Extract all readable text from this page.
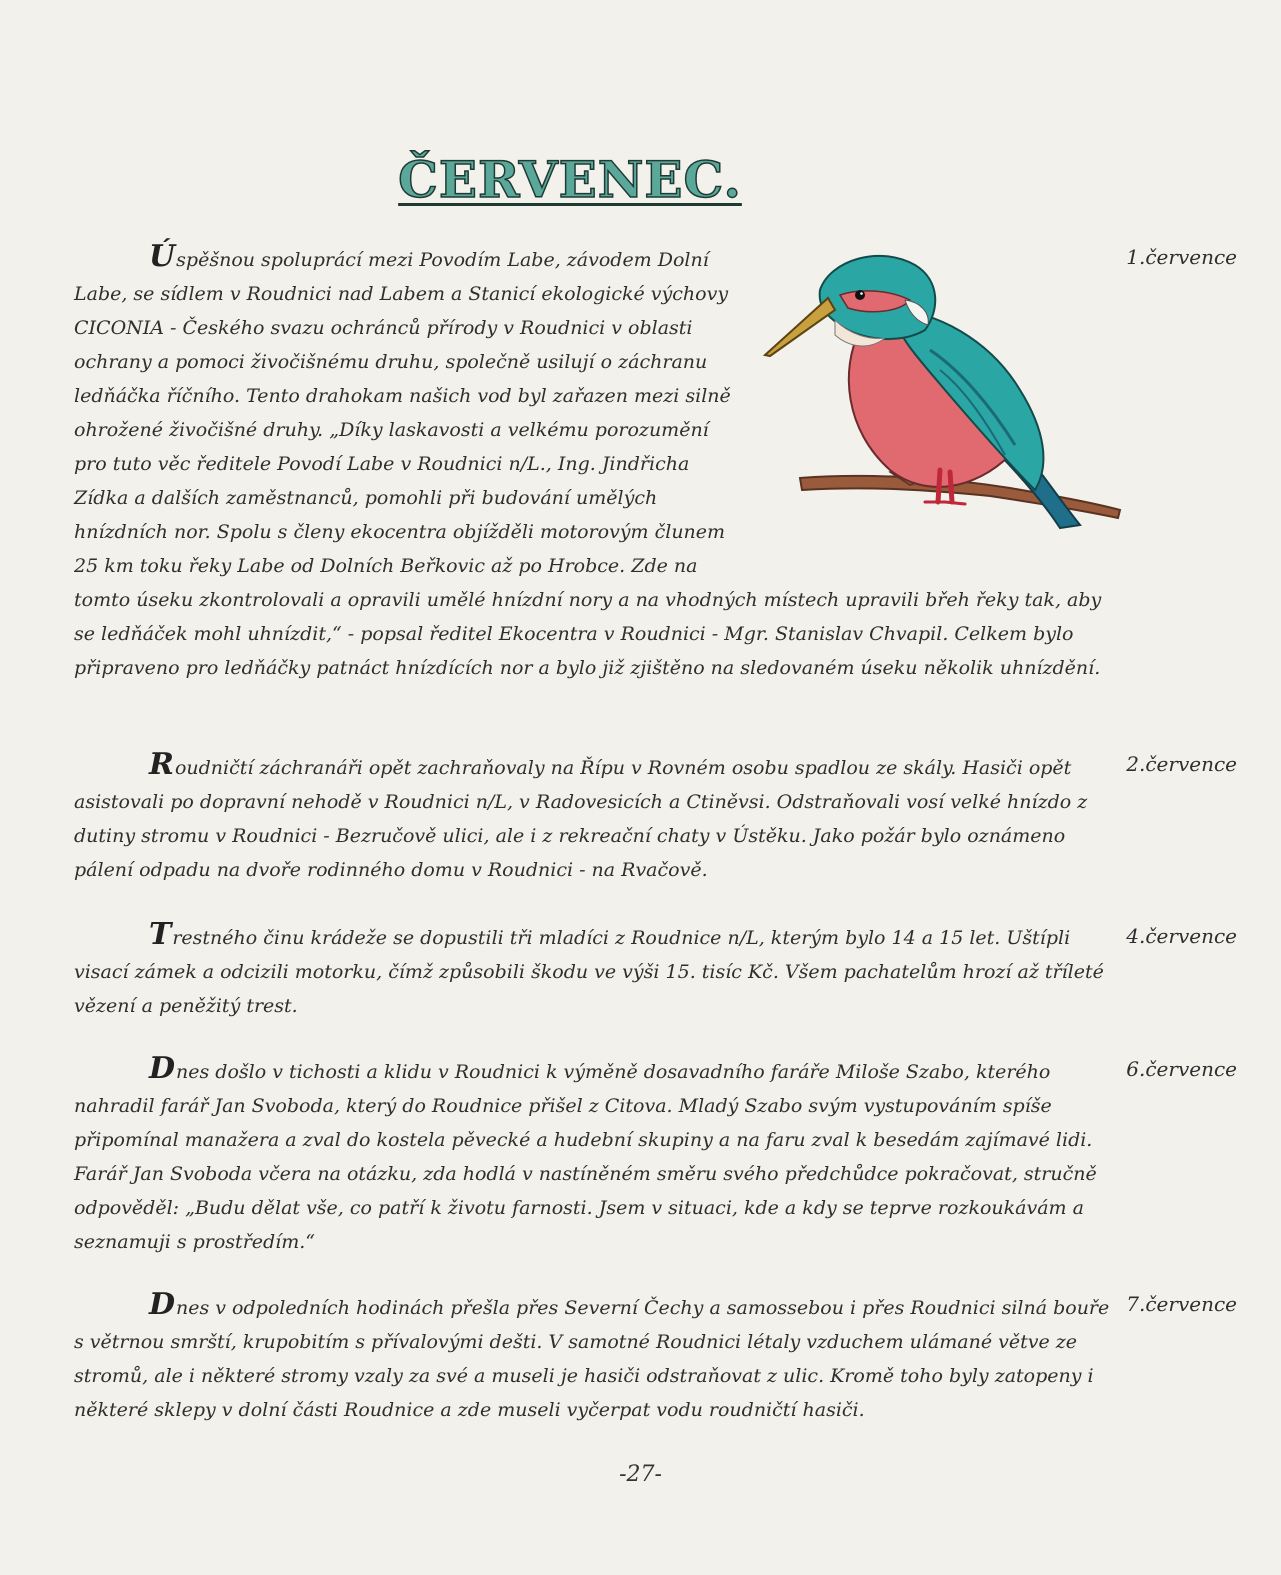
ČERVENEC.
Úspěšnou spoluprácí mezi Povodím Labe, závodem Dolní Labe, se sídlem v Roudnici nad Labem a Stanicí ekologické výchovy CICONIA - Českého svazu ochránců přírody v Roudnici v oblasti ochrany a pomoci živočišnému druhu, společně usilují o záchranu ledňáčka říčního. Tento drahokam našich vod byl zařazen mezi silně ohrožené živočišné druhy. „Díky laskavosti a velkému porozumění pro tuto věc ředitele Povodí Labe v Roudnici n/L., Ing. Jindřicha Zídka a dalších zaměstnanců, pomohli při budování umělých hnízdních nor. Spolu s členy ekocentra objížděli motorovým člunem 25 km toku řeky Labe od Dolních Beřkovic až po Hrobce. Zde na tomto úseku zkontrolovali a opravili umělé hnízdní nory a na vhodných místech upravili břeh řeky tak, aby se ledňáček mohl uhnízdit,“ - popsal ředitel Ekocentra v Roudnici - Mgr. Stanislav Chvapil. Celkem bylo připraveno pro ledňáčky patnáct hnízdících nor a bylo již zjištěno na sledovaném úseku několik uhnízdění.
1.července
Roudničtí záchranáři opět zachraňovaly na Řípu v Rovném osobu spadlou ze skály. Hasiči opět asistovali po dopravní nehodě v Roudnici n/L, v Radovesicích a Ctiněvsi. Odstraňovali vosí velké hnízdo z dutiny stromu v Roudnici - Bezručově ulici, ale i z rekreační chaty v Ústěku. Jako požár bylo oznámeno pálení odpadu na dvoře rodinného domu v Roudnici - na Rvačově.
2.července
Trestného činu krádeže se dopustili tři mladíci z Roudnice n/L, kterým bylo 14 a 15 let. Uštípli visací zámek a odcizili motorku, čímž způsobili škodu ve výši 15. tisíc Kč. Všem pachatelům hrozí až tříleté vězení a peněžitý trest.
4.července
Dnes došlo v tichosti a klidu v Roudnici k výměně dosavadního faráře Miloše Szabo, kterého nahradil farář Jan Svoboda, který do Roudnice přišel z Citova. Mladý Szabo svým vystupováním spíše připomínal manažera a zval do kostela pěvecké a hudební skupiny a na faru zval k besedám zajímavé lidi. Farář Jan Svoboda včera na otázku, zda hodlá v nastíněném směru svého předchůdce pokračovat, stručně odpověděl: „Budu dělat vše, co patří k životu farnosti. Jsem v situaci, kde a kdy se teprve rozkoukávám a seznamuji s prostředím.“
6.července
Dnes v odpoledních hodinách přešla přes Severní Čechy a samossebou i přes Roudnici silná bouře s větrnou smrští, krupobitím s přívalovými dešti. V samotné Roudnici létaly vzduchem ulámané větve ze stromů, ale i některé stromy vzaly za své a museli je hasiči odstraňovat z ulic. Kromě toho byly zatopeny i některé sklepy v dolní části Roudnice a zde museli vyčerpat vodu roudničtí hasiči.
7.července
-27-
